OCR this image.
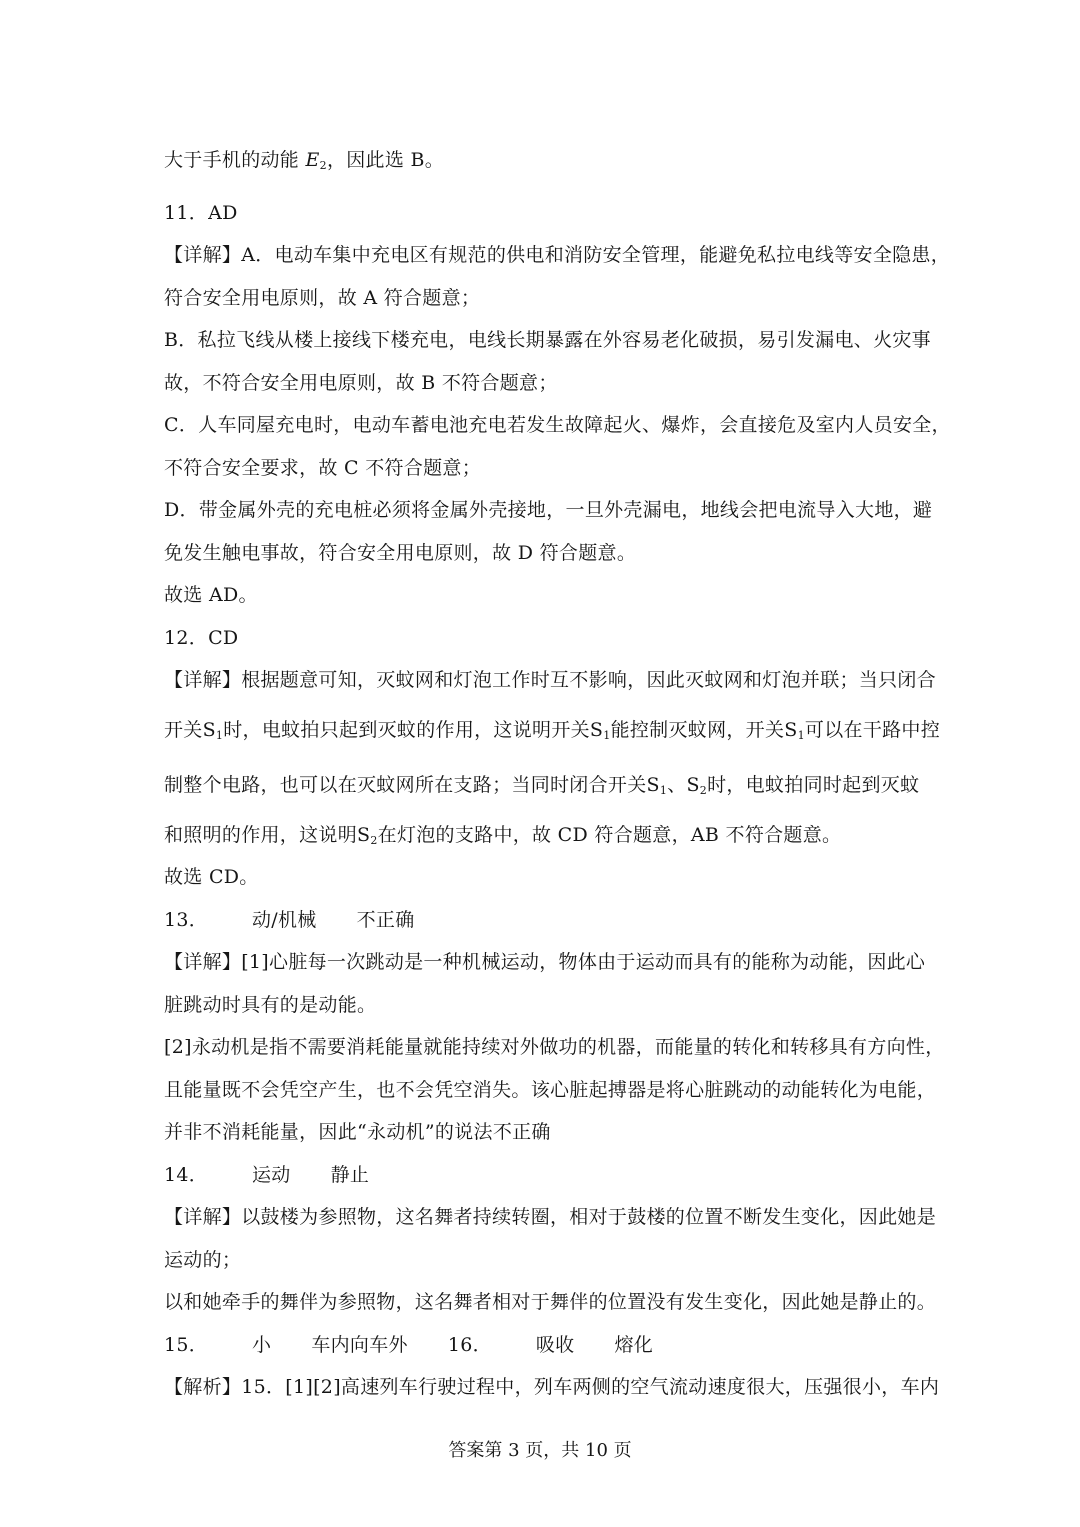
大于手机的动能 $E_2$，因此选 B。
11．AD
【详解】A．电动车集中充电区有规范的供电和消防安全管理，能避免私拉电线等安全隐患，
符合安全用电原则，故 A 符合题意；
B．私拉飞线从楼上接线下楼充电，电线长期暴露在外容易老化破损，易引发漏电、火灾事
故，不符合安全用电原则，故 B 不符合题意；
C．人车同屋充电时，电动车蓄电池充电若发生故障起火、爆炸，会直接危及室内人员安全，
不符合安全要求，故 C 不符合题意；
D．带金属外壳的充电桩必须将金属外壳接地，一旦外壳漏电，地线会把电流导入大地，避
免发生触电事故，符合安全用电原则，故 D 符合题意。
故选 AD。
12．CD
【详解】根据题意可知，灭蚊网和灯泡工作时互不影响，因此灭蚊网和灯泡并联；当只闭合
开关$S_1$时，电蚊拍只起到灭蚊的作用，这说明开关$S_1$能控制灭蚊网，开关$S_1$可以在干路中控
制整个电路，也可以在灭蚊网所在支路；当同时闭合开关$S_1$、$S_2$时，电蚊拍同时起到灭蚊
和照明的作用，这说明$S_2$在灯泡的支路中，故 CD 符合题意，AB 不符合题意。
故选 CD。
13． 动/机械 不正确
【详解】[1]心脏每一次跳动是一种机械运动，物体由于运动而具有的能称为动能，因此心
脏跳动时具有的是动能。
[2]永动机是指不需要消耗能量就能持续对外做功的机器，而能量的转化和转移具有方向性，
且能量既不会凭空产生，也不会凭空消失。该心脏起搏器是将心脏跳动的动能转化为电能，
并非不消耗能量，因此“永动机”的说法不正确
14． 运动 静止
【详解】以鼓楼为参照物，这名舞者持续转圈，相对于鼓楼的位置不断发生变化，因此她是
运动的；
以和她牵手的舞伴为参照物，这名舞者相对于舞伴的位置没有发生变化，因此她是静止的。
15． 小 车内向车外 16． 吸收 熔化
【解析】15．[1][2]高速列车行驶过程中，列车两侧的空气流动速度很大，压强很小，车内
答案第 3 页，共 10 页
